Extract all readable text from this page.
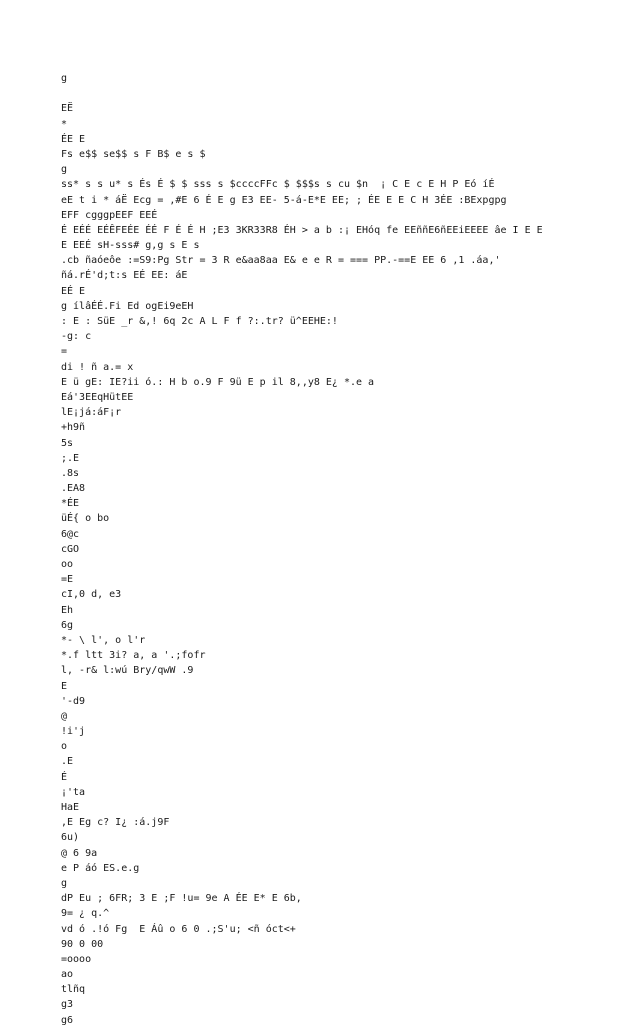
g
EË
*
ÉE E
Fs e$$ se$$ s F B$ e s $
g
ss* s s u* s És É $ $ sss s $ccccFFc $ $$$s s cu $n  ¡ C E c E H P Eó íÉ
eE t i * áË Ecg = ,#E 6 É E g E3 EE- 5-á-E*E EE; ; ÉE E E C H 3ÉE :BExpgpg
EFF cgggpEEF EEÉ
É EÉÉ EÉÊFEÉE ÉÉ F É É H ;E3 3KR33R8 ÉH > a b :¡ EHóq fe EEññE6ñEEiEEEE âe I E E
E EEÉ sH-sss# g,g s E s
.cb ñaóeôe :=S9:Pg Str = 3 R e&aa8aa E& e e R = === PP.-==E EE 6 ,1 .áa,'
ñá.rÉ'd;t:s EÉ EE: áE
EÉ E
g ílâÉÉ.Fi Ed ogEi9eEH
: E : SüE _r &,! 6q 2c A L F f ?:.tr? ü^EEHE:!
-g: c
=
di ! ñ a.= x
E ü gE: IE?ii ó.: H b o.9 F 9ü E p il 8,,y8 E¿ *.e a
Eá'3EEqHütEE
lE¡já:áF¡r
+h9ñ
5s
;.E
.8s
.EA8
*ÉE
üÉ{ o bo
6@c
cGO
oo
=E
cI,0 d, e3
Eh
6g
*- \ l', o l'r
*.f ltt 3i? a, a '.;fofr
l, -r& l:wú Bry/qwW .9
E
'-d9
@
!i'j
o
.E
É
¡'ta
HaE
,E Eg c? I¿ :á.j9F
6u)
@ 6 9a
e P áó ES.e.g
g
dP Eu ; 6FR; 3 E ;F !u= 9e A ÉE E* E 6b,
9= ¿ q.^
vd ó .!ó Fg  E Áû o 6 0 .;S'u; <ñ óct<+
90 0 00
=oooo
ao
tlñq
g3
g6
